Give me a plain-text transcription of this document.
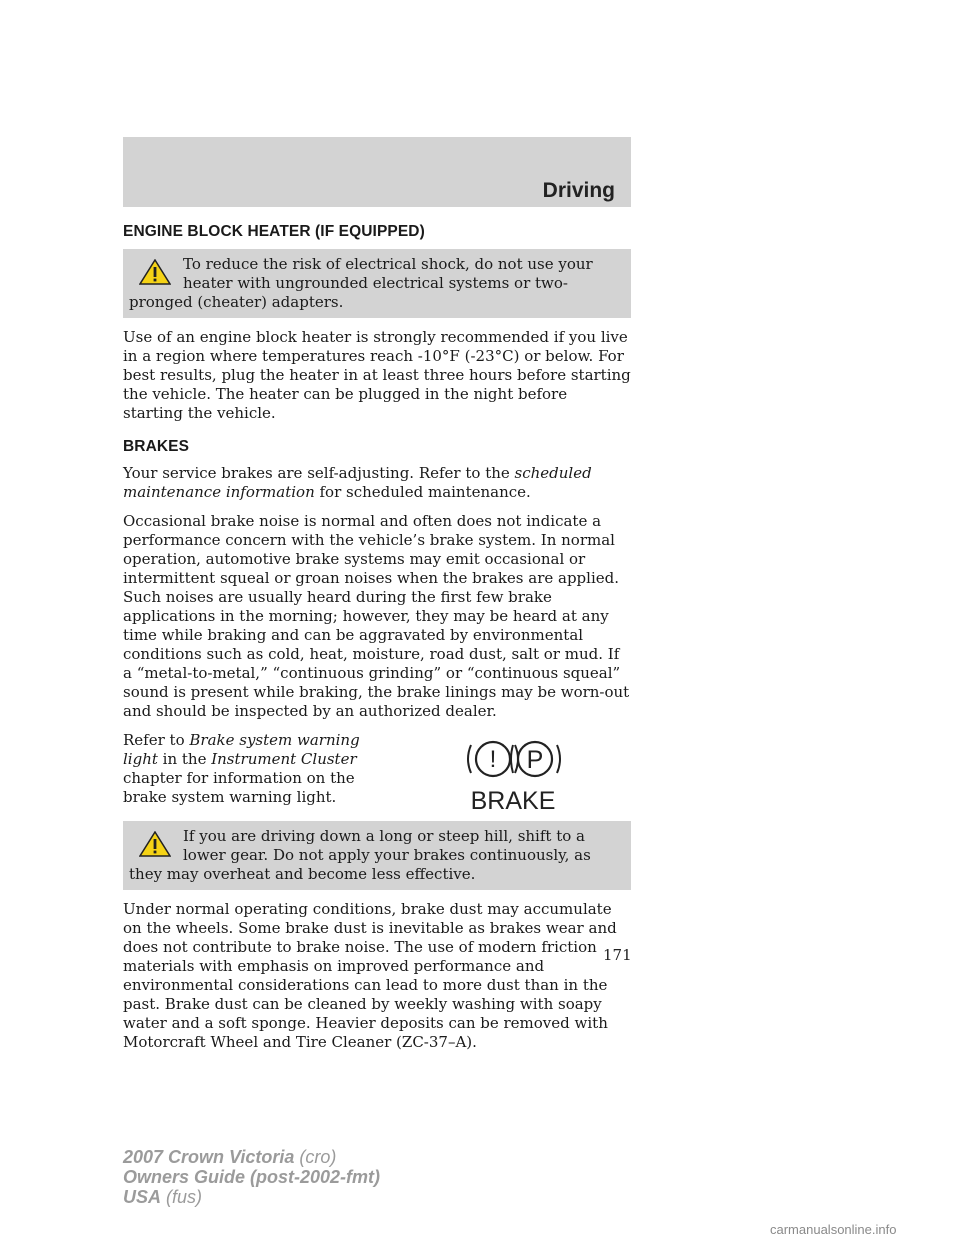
Driving
ENGINE BLOCK HEATER (IF EQUIPPED)
To reduce the risk of electrical shock, do not use your heater with ungrounded electrical systems or two-pronged (cheater) adapters.

Use of an engine block heater is strongly recommended if you live in a region where temperatures reach -10°F (-23°C) or below. For best results, plug the heater in at least three hours before starting the vehicle. The heater can be plugged in the night before starting the vehicle.

BRAKES

Your service brakes are self-adjusting. Refer to the scheduled maintenance information for scheduled maintenance.

Occasional brake noise is normal and often does not indicate a performance concern with the vehicle’s brake system. In normal operation, automotive brake systems may emit occasional or intermittent squeal or groan noises when the brakes are applied. Such noises are usually heard during the first few brake applications in the morning; however, they may be heard at any time while braking and can be aggravated by environmental conditions such as cold, heat, moisture, road dust, salt or mud. If a “metal-to-metal,” “continuous grinding” or “continuous squeal” sound is present while braking, the brake linings may be worn-out and should be inspected by an authorized dealer.

Refer to Brake system warning light in the Instrument Cluster chapter for information on the brake system warning light.

! P
BRAKE
If you are driving down a long or steep hill, shift to a lower gear. Do not apply your brakes continuously, as they may overheat and become less effective.

Under normal operating conditions, brake dust may accumulate on the wheels. Some brake dust is inevitable as brakes wear and does not contribute to brake noise. The use of modern friction materials with emphasis on improved performance and environmental considerations can lead to more dust than in the past. Brake dust can be cleaned by weekly washing with soapy water and a soft sponge. Heavier deposits can be removed with Motorcraft Wheel and Tire Cleaner (ZC-37–A).

171
2007 Crown Victoria (cro)
Owners Guide (post-2002-fmt)
USA (fus)
carmanualsonline.info
